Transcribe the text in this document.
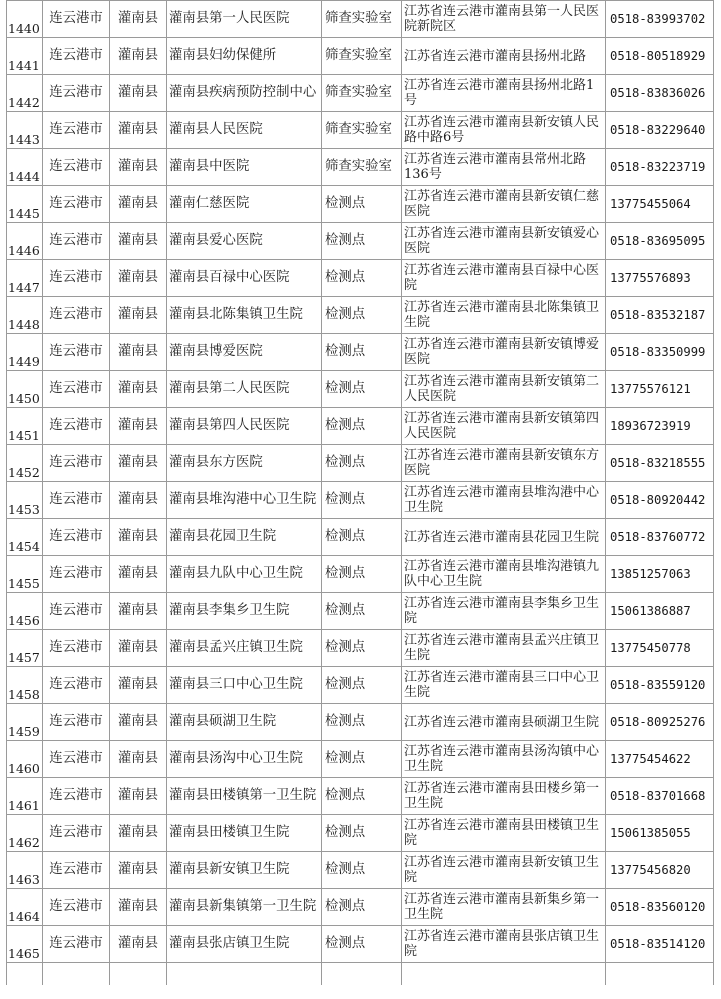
1440	连云港市	灌南县	灌南县第一人民医院	筛查实验室	江苏省连云港市灌南县第一人民医院新院区	0518-83993702
1441	连云港市	灌南县	灌南县妇幼保健所	筛查实验室	江苏省连云港市灌南县扬州北路	0518-80518929
1442	连云港市	灌南县	灌南县疾病预防控制中心	筛查实验室	江苏省连云港市灌南县扬州北路1号	0518-83836026
1443	连云港市	灌南县	灌南县人民医院	筛查实验室	江苏省连云港市灌南县新安镇人民路中路6号	0518-83229640
1444	连云港市	灌南县	灌南县中医院	筛查实验室	江苏省连云港市灌南县常州北路136号	0518-83223719
1445	连云港市	灌南县	灌南仁慈医院	检测点	江苏省连云港市灌南县新安镇仁慈医院	13775455064
1446	连云港市	灌南县	灌南县爱心医院	检测点	江苏省连云港市灌南县新安镇爱心医院	0518-83695095
1447	连云港市	灌南县	灌南县百禄中心医院	检测点	江苏省连云港市灌南县百禄中心医院	13775576893
1448	连云港市	灌南县	灌南县北陈集镇卫生院	检测点	江苏省连云港市灌南县北陈集镇卫生院	0518-83532187
1449	连云港市	灌南县	灌南县博爱医院	检测点	江苏省连云港市灌南县新安镇博爱医院	0518-83350999
1450	连云港市	灌南县	灌南县第二人民医院	检测点	江苏省连云港市灌南县新安镇第二人民医院	13775576121
1451	连云港市	灌南县	灌南县第四人民医院	检测点	江苏省连云港市灌南县新安镇第四人民医院	18936723919
1452	连云港市	灌南县	灌南县东方医院	检测点	江苏省连云港市灌南县新安镇东方医院	0518-83218555
1453	连云港市	灌南县	灌南县堆沟港中心卫生院	检测点	江苏省连云港市灌南县堆沟港中心卫生院	0518-80920442
1454	连云港市	灌南县	灌南县花园卫生院	检测点	江苏省连云港市灌南县花园卫生院	0518-83760772
1455	连云港市	灌南县	灌南县九队中心卫生院	检测点	江苏省连云港市灌南县堆沟港镇九队中心卫生院	13851257063
1456	连云港市	灌南县	灌南县李集乡卫生院	检测点	江苏省连云港市灌南县李集乡卫生院	15061386887
1457	连云港市	灌南县	灌南县孟兴庄镇卫生院	检测点	江苏省连云港市灌南县孟兴庄镇卫生院	13775450778
1458	连云港市	灌南县	灌南县三口中心卫生院	检测点	江苏省连云港市灌南县三口中心卫生院	0518-83559120
1459	连云港市	灌南县	灌南县硕湖卫生院	检测点	江苏省连云港市灌南县硕湖卫生院	0518-80925276
1460	连云港市	灌南县	灌南县汤沟中心卫生院	检测点	江苏省连云港市灌南县汤沟镇中心卫生院	13775454622
1461	连云港市	灌南县	灌南县田楼镇第一卫生院	检测点	江苏省连云港市灌南县田楼乡第一卫生院	0518-83701668
1462	连云港市	灌南县	灌南县田楼镇卫生院	检测点	江苏省连云港市灌南县田楼镇卫生院	15061385055
1463	连云港市	灌南县	灌南县新安镇卫生院	检测点	江苏省连云港市灌南县新安镇卫生院	13775456820
1464	连云港市	灌南县	灌南县新集镇第一卫生院	检测点	江苏省连云港市灌南县新集乡第一卫生院	0518-83560120
1465	连云港市	灌南县	灌南县张店镇卫生院	检测点	江苏省连云港市灌南县张店镇卫生院	0518-83514120
